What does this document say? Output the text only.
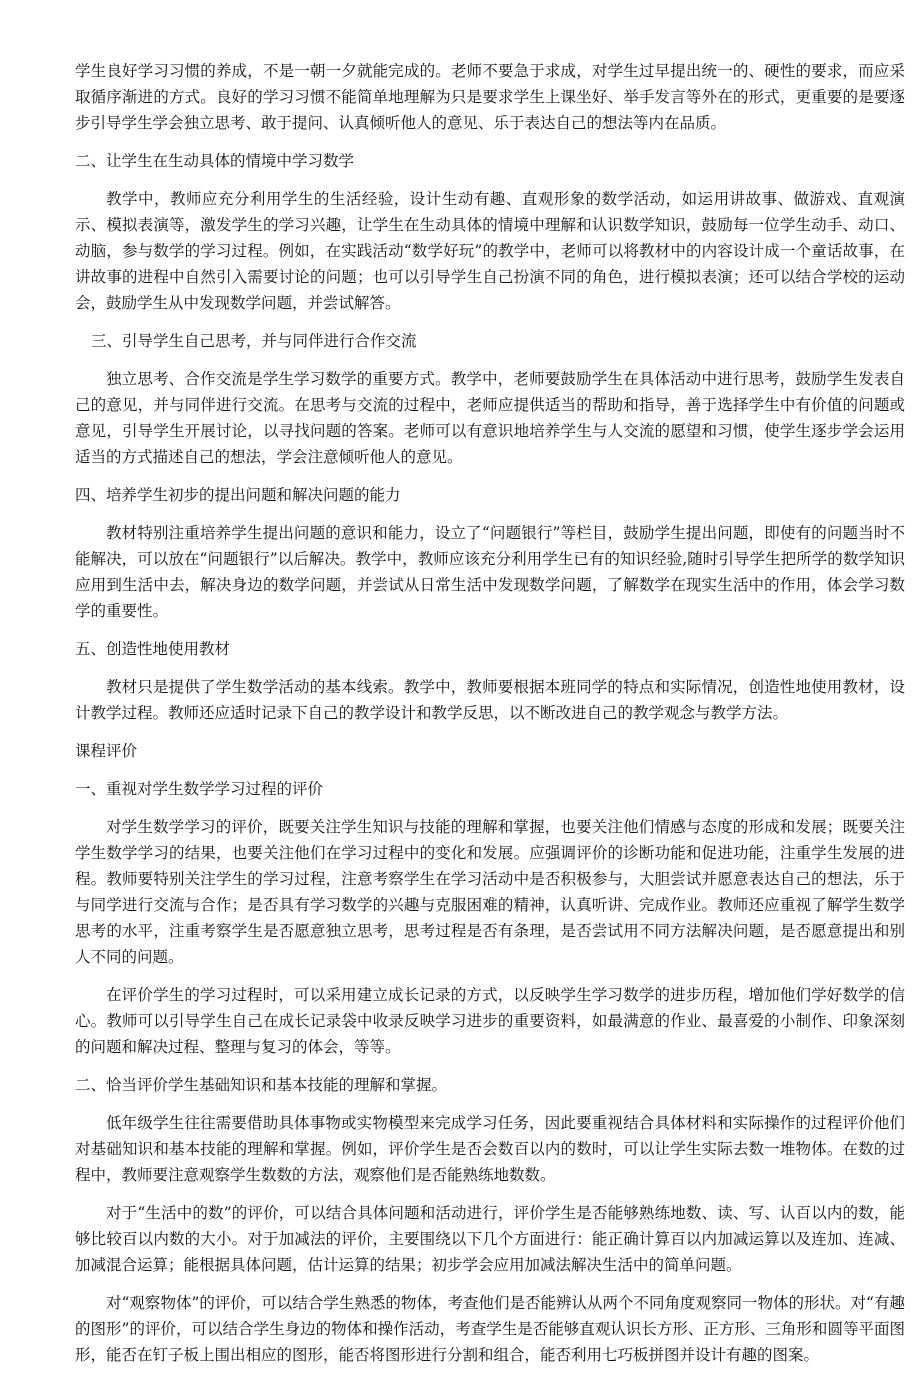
学生良好学习习惯的养成，不是一朝一夕就能完成的。老师不要急于求成，对学生过早提出统一的、硬性的要求，而应采取循序渐进的方式。良好的学习习惯不能简单地理解为只是要求学生上课坐好、举手发言等外在的形式，更重要的是要逐步引导学生学会独立思考、敢于提问、认真倾听他人的意见、乐于表达自己的想法等内在品质。

二、让学生在生动具体的情境中学习数学

教学中，教师应充分利用学生的生活经验，设计生动有趣、直观形象的数学活动，如运用讲故事、做游戏、直观演示、模拟表演等，激发学生的学习兴趣，让学生在生动具体的情境中理解和认识数学知识，鼓励每一位学生动手、动口、动脑，参与数学的学习过程。例如，在实践活动“数学好玩”的教学中，老师可以将教材中的内容设计成一个童话故事，在讲故事的进程中自然引入需要讨论的问题；也可以引导学生自己扮演不同的角色，进行模拟表演；还可以结合学校的运动会，鼓励学生从中发现数学问题，并尝试解答。

三、引导学生自己思考，并与同伴进行合作交流

独立思考、合作交流是学生学习数学的重要方式。教学中，老师要鼓励学生在具体活动中进行思考，鼓励学生发表自己的意见，并与同伴进行交流。在思考与交流的过程中，老师应提供适当的帮助和指导，善于选择学生中有价值的问题或意见，引导学生开展讨论，以寻找问题的答案。老师可以有意识地培养学生与人交流的愿望和习惯，使学生逐步学会运用适当的方式描述自己的想法，学会注意倾听他人的意见。

四、培养学生初步的提出问题和解决问题的能力

教材特别注重培养学生提出问题的意识和能力，设立了“问题银行”等栏目，鼓励学生提出问题，即使有的问题当时不能解决，可以放在“问题银行”以后解决。教学中，教师应该充分利用学生已有的知识经验,随时引导学生把所学的数学知识应用到生活中去，解决身边的数学问题，并尝试从日常生活中发现数学问题，了解数学在现实生活中的作用，体会学习数学的重要性。

五、创造性地使用教材

教材只是提供了学生数学活动的基本线索。教学中，教师要根据本班同学的特点和实际情况，创造性地使用教材，设计教学过程。教师还应适时记录下自己的教学设计和教学反思，以不断改进自己的教学观念与教学方法。

课程评价

一、重视对学生数学学习过程的评价

对学生数学学习的评价，既要关注学生知识与技能的理解和掌握，也要关注他们情感与态度的形成和发展；既要关注学生数学学习的结果，也要关注他们在学习过程中的变化和发展。应强调评价的诊断功能和促进功能，注重学生发展的进程。教师要特别关注学生的学习过程，注意考察学生在学习活动中是否积极参与，大胆尝试并愿意表达自己的想法，乐于与同学进行交流与合作；是否具有学习数学的兴趣与克服困难的精神，认真听讲、完成作业。教师还应重视了解学生数学思考的水平，注重考察学生是否愿意独立思考，思考过程是否有条理，是否尝试用不同方法解决问题，是否愿意提出和别人不同的问题。

在评价学生的学习过程时，可以采用建立成长记录的方式，以反映学生学习数学的进步历程，增加他们学好数学的信心。教师可以引导学生自己在成长记录袋中收录反映学习进步的重要资料，如最满意的作业、最喜爱的小制作、印象深刻的问题和解决过程、整理与复习的体会，等等。

二、恰当评价学生基础知识和基本技能的理解和掌握。

低年级学生往往需要借助具体事物或实物模型来完成学习任务，因此要重视结合具体材料和实际操作的过程评价他们对基础知识和基本技能的理解和掌握。例如，评价学生是否会数百以内的数时，可以让学生实际去数一堆物体。在数的过程中，教师要注意观察学生数数的方法，观察他们是否能熟练地数数。

对于“生活中的数”的评价，可以结合具体问题和活动进行，评价学生是否能够熟练地数、读、写、认百以内的数，能够比较百以内数的大小。对于加减法的评价，主要围绕以下几个方面进行：能正确计算百以内加减运算以及连加、连减、加减混合运算；能根据具体问题，估计运算的结果；初步学会应用加减法解决生活中的简单问题。

对“观察物体”的评价，可以结合学生熟悉的物体，考查他们是否能辨认从两个不同角度观察同一物体的形状。对“有趣的图形”的评价，可以结合学生身边的物体和操作活动，考查学生是否能够直观认识长方形、正方形、三角形和圆等平面图形，能否在钉子板上围出相应的图形，能否将图形进行分割和组合，能否利用七巧板拼图并设计有趣的图案。
